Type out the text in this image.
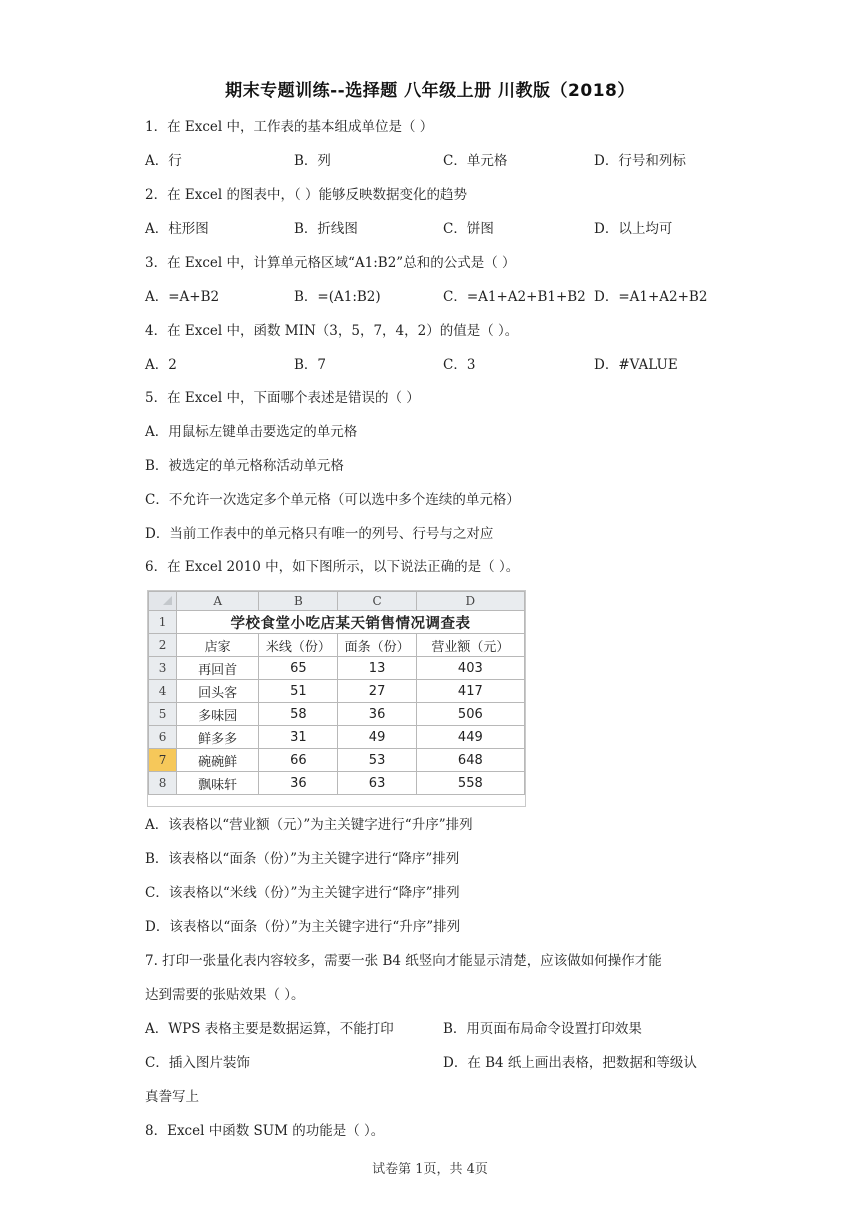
期末专题训练--选择题 八年级上册 川教版（2018）
1．在 Excel 中，工作表的基本组成单位是（ ）
A．行	B．列	C．单元格	D．行号和列标
2．在 Excel 的图表中，（ ）能够反映数据变化的趋势
A．柱形图	B．折线图	C．饼图	D．以上均可
3．在 Excel 中，计算单元格区域“A1:B2”总和的公式是（ ）
A．=A+B2	B．=(A1:B2)	C．=A1+A2+B1+B2 D．=A1+A2+B2
4．在 Excel 中，函数 MIN（3，5，7，4，2）的值是（ ）。
A．2	B．7	C．3	D．#VALUE
5．在 Excel 中，下面哪个表述是错误的（ ）
A．用鼠标左键单击要选定的单元格
B．被选定的单元格称活动单元格
C．不允许一次选定多个单元格（可以选中多个连续的单元格）
D．当前工作表中的单元格只有唯一的列号、行号与之对应
6．在 Excel 2010 中，如下图所示，以下说法正确的是（ ）。
	A	B	C	D
1	学校食堂小吃店某天销售情况调查表			
2	店家	米线（份）	面条（份）	营业额（元）
3	再回首	65	13	403
4	回头客	51	27	417
5	多味园	58	36	506
6	鲜多多	31	49	449
7	碗碗鲜	66	53	648
8	飘味轩	36	63	558
A．该表格以“营业额（元）”为主关键字进行“升序”排列
B．该表格以“面条（份）”为主关键字进行“降序”排列
C．该表格以“米线（份）”为主关键字进行“降序”排列
D．该表格以“面条（份）”为主关键字进行“升序”排列
7. 打印一张量化表内容较多，需要一张 B4 纸竖向才能显示清楚，应该做如何操作才能
达到需要的张贴效果（ ）。
A．WPS 表格主要是数据运算，不能打印	B．用页面布局命令设置打印效果
C．插入图片装饰	D．在 B4 纸上画出表格，把数据和等级认
真誊写上
8．Excel 中函数 SUM 的功能是（ ）。
试卷第 1页，共 4页
